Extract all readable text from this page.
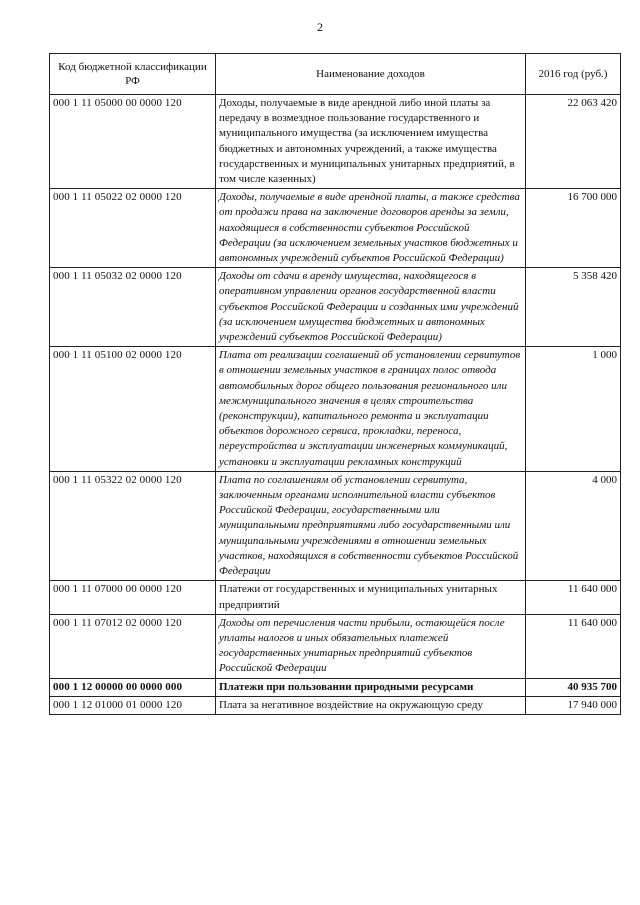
2
Код бюджетной классификации РФ	Наименование доходов	2016 год (руб.)
000 1 11 05000 00 0000 120	Доходы, получаемые в виде арендной либо иной платы за передачу в возмездное пользование государственного и муниципального имущества (за исключением имущества бюджетных и автономных учреждений, а также имущества государственных и муниципальных унитарных предприятий, в том числе казенных)	22 063 420
000 1 11 05022 02 0000 120	Доходы, получаемые в виде арендной платы, а также средства от продажи права на заключение договоров аренды за земли, находящиеся в собственности субъектов Российской Федерации (за исключением земельных участков бюджетных и автономных учреждений субъектов Российской Федерации)	16 700 000
000 1 11 05032 02 0000 120	Доходы от сдачи в аренду имущества, находящегося в оперативном управлении органов государственной власти субъектов Российской Федерации и созданных ими учреждений (за исключением имущества бюджетных и автономных учреждений субъектов Российской Федерации)	5 358 420
000 1 11 05100 02 0000 120	Плата от реализации соглашений об установлении сервитутов в отношении земельных участков в границах полос отвода автомобильных дорог общего пользования регионального или межмуниципального значения в целях строительства (реконструкции), капитального ремонта и эксплуатации объектов дорожного сервиса, прокладки, переноса, переустройства и эксплуатации инженерных коммуникаций, установки и эксплуатации рекламных конструкций	1 000
000 1 11 05322 02 0000 120	Плата по соглашениям об установлении сервитута, заключенным органами исполнительной власти субъектов Российской Федерации, государственными или муниципальными предприятиями либо государственными или муниципальными учреждениями в отношении земельных участков, находящихся в собственности субъектов Российской Федерации	4 000
000 1 11 07000 00 0000 120	Платежи от государственных и муниципальных унитарных предприятий	11 640 000
000 1 11 07012 02 0000 120	Доходы от перечисления части прибыли, остающейся после уплаты налогов и иных обязательных платежей государственных унитарных предприятий субъектов Российской Федерации	11 640 000
000 1 12 00000 00 0000 000	Платежи при пользовании природными ресурсами	40 935 700
000 1 12 01000 01 0000 120	Плата за негативное воздействие на окружающую среду	17 940 000
